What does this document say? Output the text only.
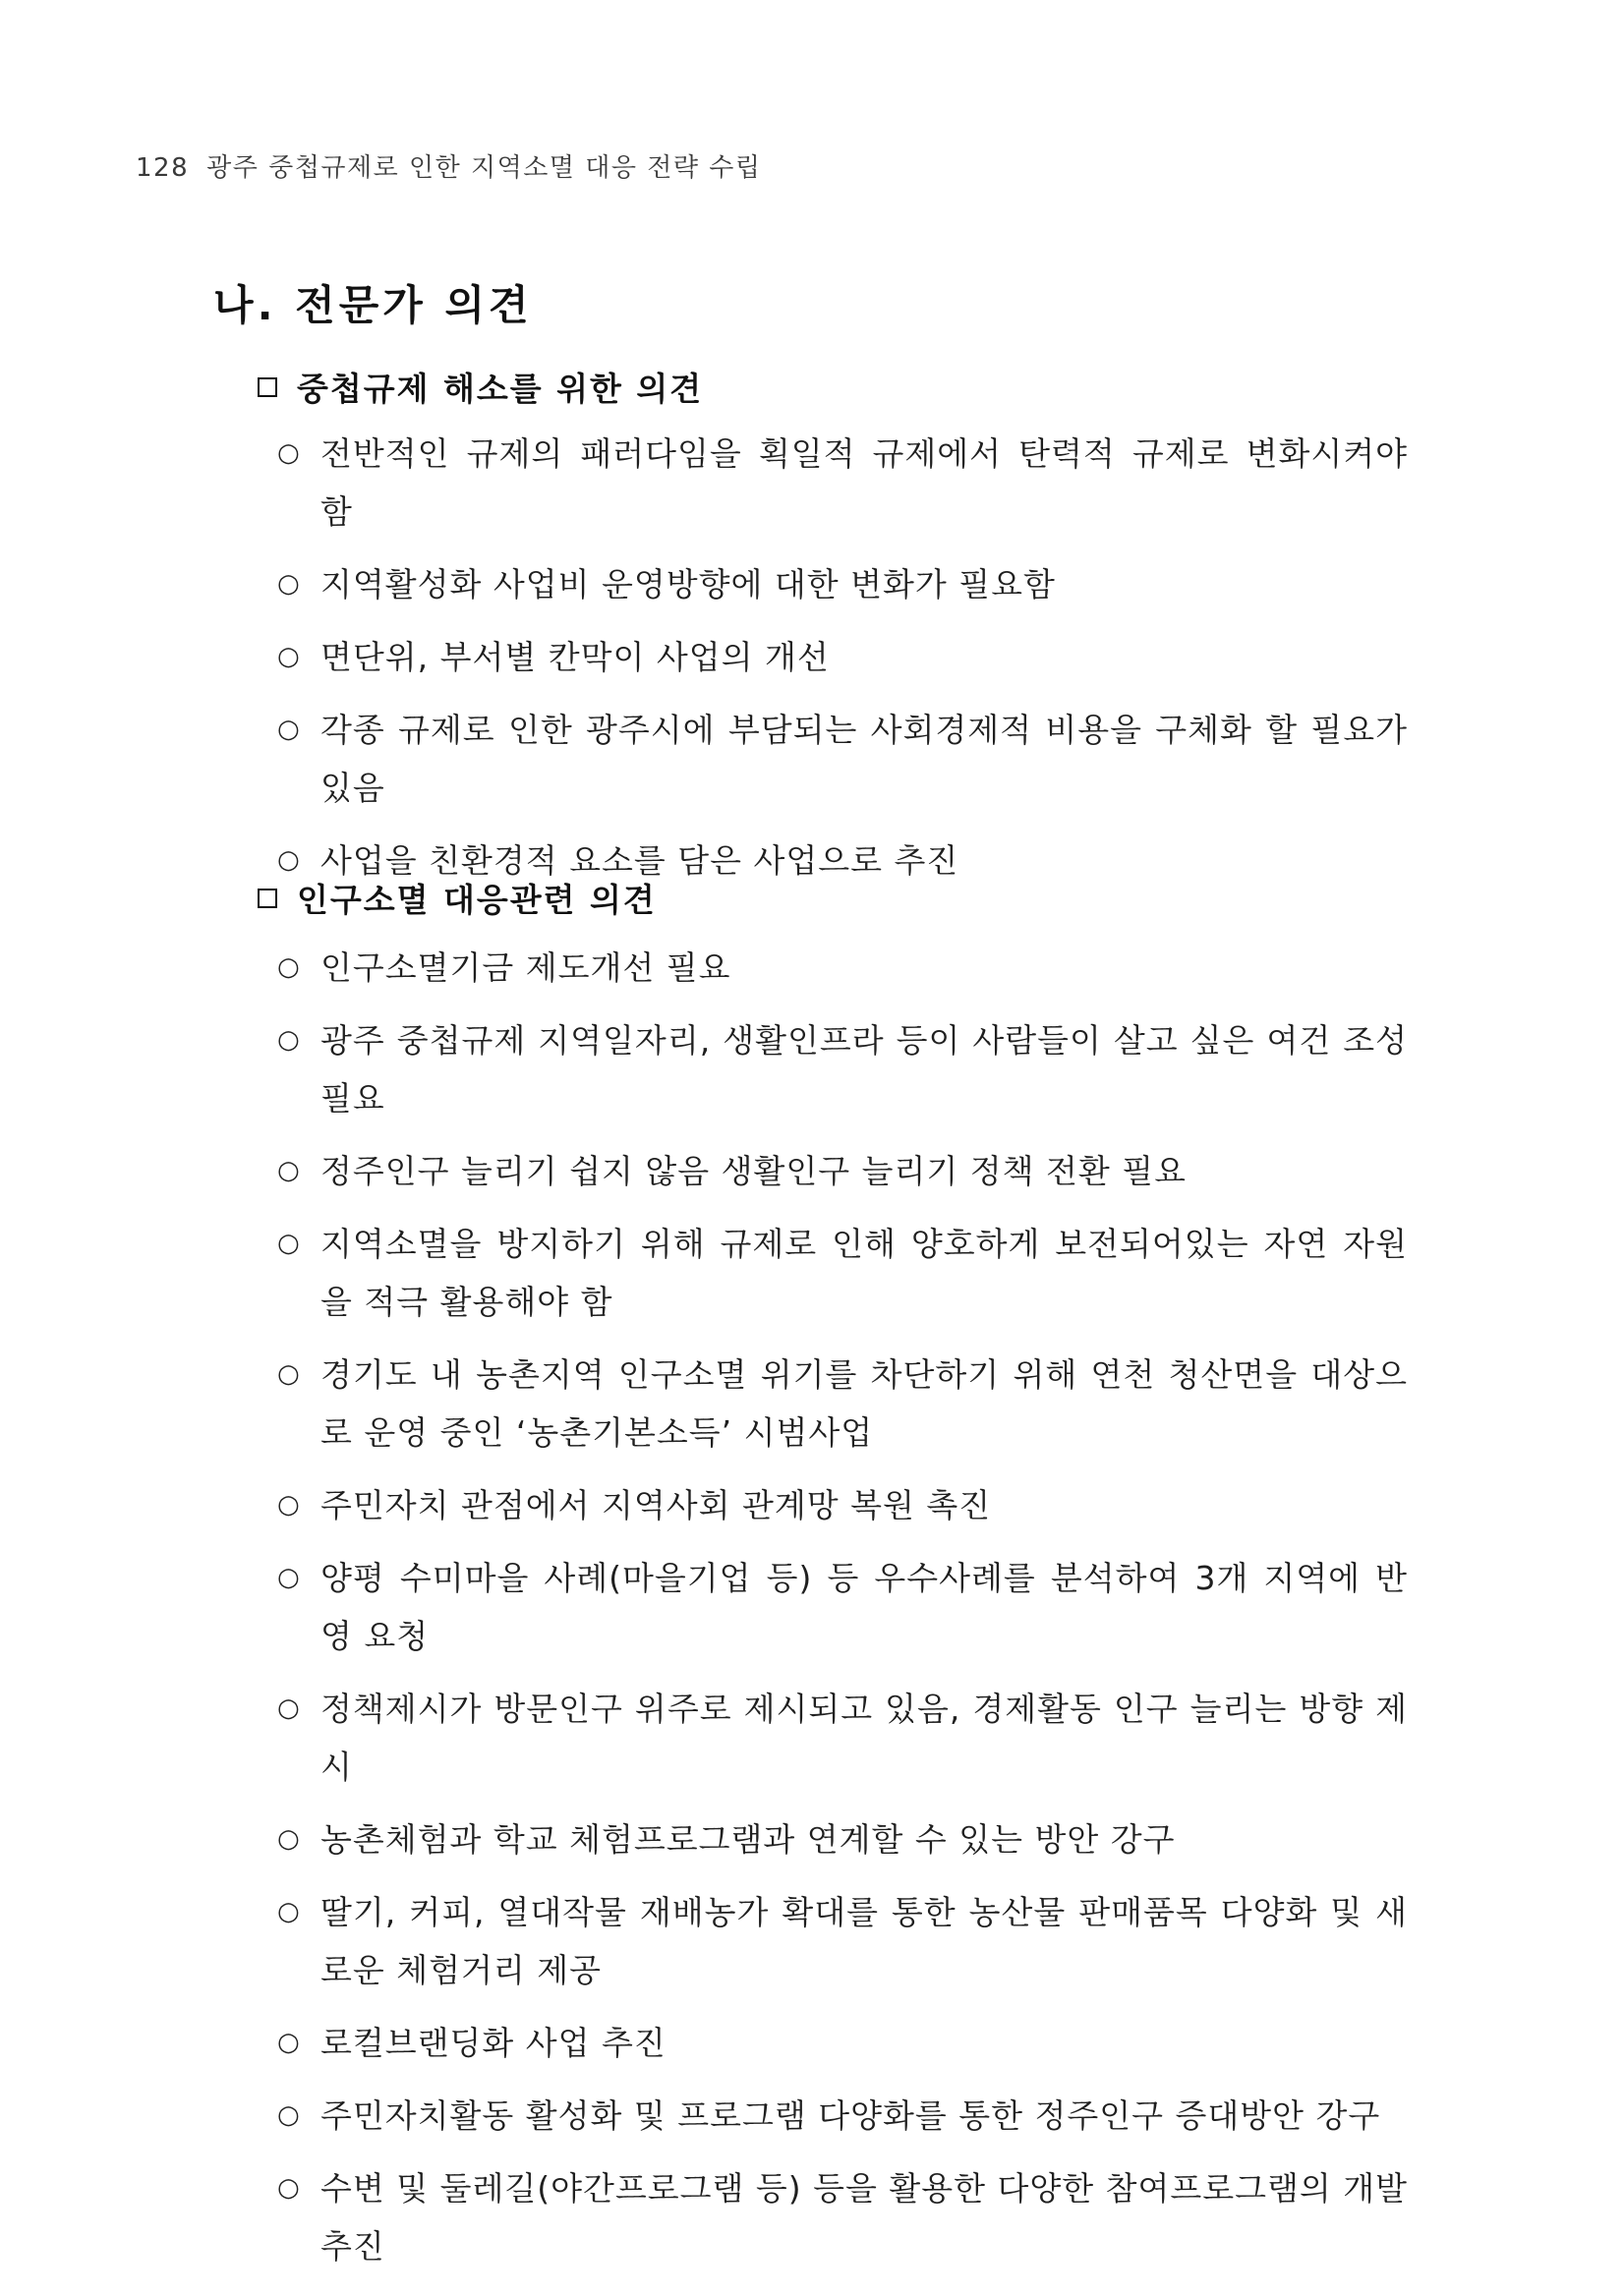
128 광주 중첩규제로 인한 지역소멸 대응 전략 수립
나. 전문가 의견
중첩규제 해소를 위한 의견
○ 전반적인 규제의 패러다임을 획일적 규제에서 탄력적 규제로 변화시켜야 함
○ 지역활성화 사업비 운영방향에 대한 변화가 필요함
○ 면단위, 부서별 칸막이 사업의 개선
○ 각종 규제로 인한 광주시에 부담되는 사회경제적 비용을 구체화 할 필요가 있음
○ 사업을 친환경적 요소를 담은 사업으로 추진
인구소멸 대응관련 의견
○ 인구소멸기금 제도개선 필요
○ 광주 중첩규제 지역일자리, 생활인프라 등이 사람들이 살고 싶은 여건 조성 필요
○ 정주인구 늘리기 쉽지 않음 생활인구 늘리기 정책 전환 필요
○ 지역소멸을 방지하기 위해 규제로 인해 양호하게 보전되어있는 자연 자원을 적극 활용해야 함
○ 경기도 내 농촌지역 인구소멸 위기를 차단하기 위해 연천 청산면을 대상으로 운영 중인 ‘농촌기본소득’ 시범사업
○ 주민자치 관점에서 지역사회 관계망 복원 촉진
○ 양평 수미마을 사례(마을기업 등) 등 우수사례를 분석하여 3개 지역에 반영 요청
○ 정책제시가 방문인구 위주로 제시되고 있음, 경제활동 인구 늘리는 방향 제시
○ 농촌체험과 학교 체험프로그램과 연계할 수 있는 방안 강구
○ 딸기, 커피, 열대작물 재배농가 확대를 통한 농산물 판매품목 다양화 및 새로운 체험거리 제공
○ 로컬브랜딩화 사업 추진
○ 주민자치활동 활성화 및 프로그램 다양화를 통한 정주인구 증대방안 강구
○ 수변 및 둘레길(야간프로그램 등) 등을 활용한 다양한 참여프로그램의 개발 추진
